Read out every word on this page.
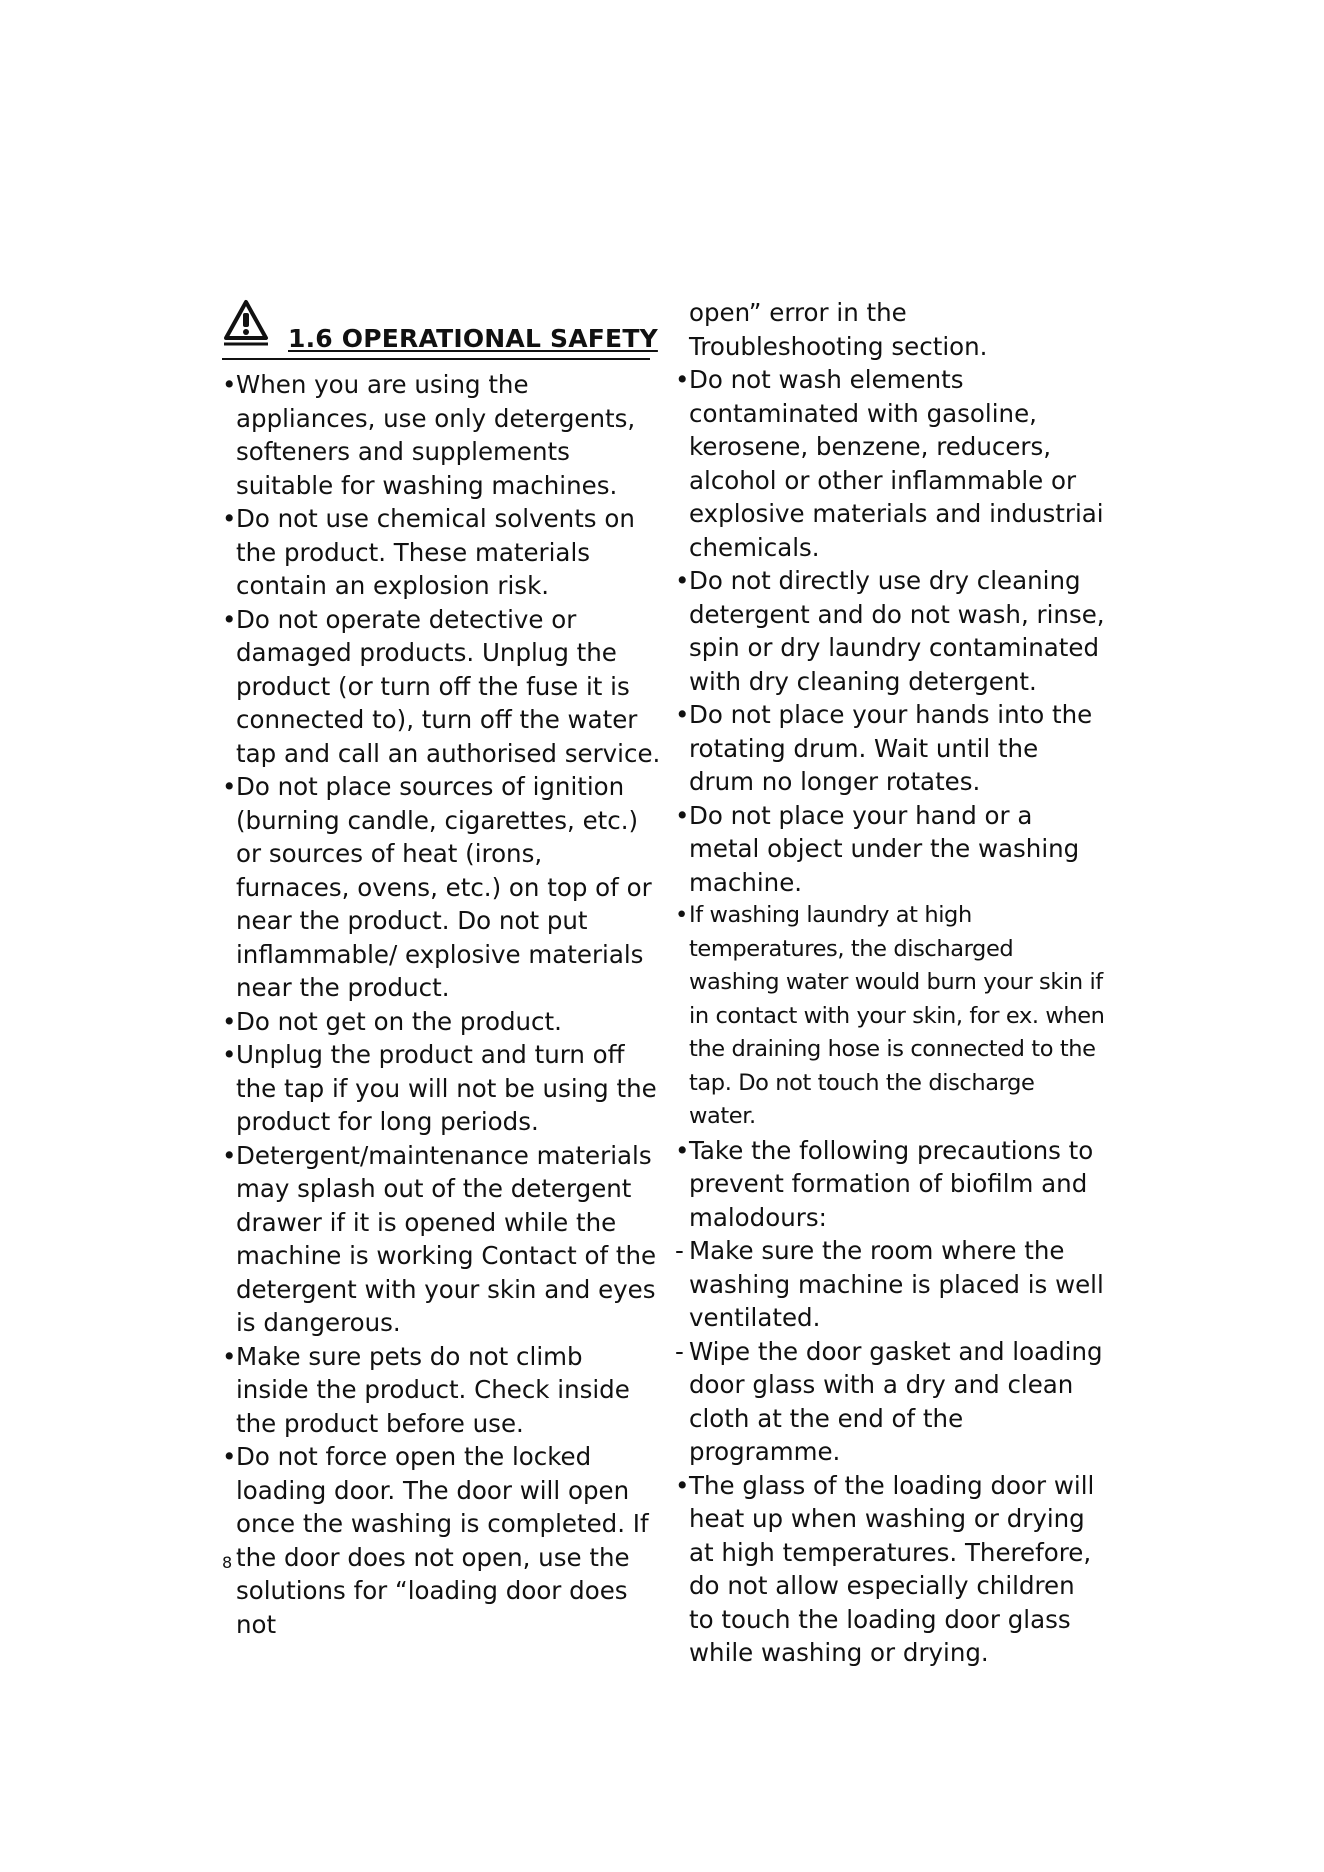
1.6 OPERATIONAL SAFETY

• When you are using the appliances, use only detergents, softeners and supplements suitable for washing machines.

• Do not use chemical solvents on the product. These materials contain an explosion risk.

• Do not operate detective or damaged products. Unplug the product (or turn off the fuse it is connected to), turn off the water tap and call an authorised service.

• Do not place sources of ignition (burning candle, cigarettes, etc.) or sources of heat (irons, furnaces, ovens, etc.) on top of or near the product. Do not put inflammable/ explosive materials near the product.

• Do not get on the product.

• Unplug the product and turn off the tap if you will not be using the product for long periods.

• Detergent/maintenance materials may splash out of the detergent drawer if it is opened while the machine is working Contact of the detergent with your skin and eyes is dangerous.

• Make sure pets do not climb inside the product. Check inside the product before use.

• Do not force open the locked loading door. The door will open once the washing is completed. If the door does not open, use the solutions for “loading door does not

open” error in the Troubleshooting section.

• Do not wash elements contaminated with gasoline, kerosene, benzene, reducers, alcohol or other inflammable or explosive materials and industriai chemicals.

• Do not directly use dry cleaning detergent and do not wash, rinse, spin or dry laundry contaminated with dry cleaning detergent.

• Do not place your hands into the rotating drum. Wait until the drum no longer rotates.

• Do not place your hand or a metal object under the washing machine.

• If washing laundry at high temperatures, the discharged washing water would burn your skin if in contact with your skin, for ex. when the draining hose is connected to the tap. Do not touch the discharge water.

• Take the following precautions to prevent formation of biofilm and malodours:

- Make sure the room where the washing machine is placed is well ventilated.

- Wipe the door gasket and loading door glass with a dry and clean cloth at the end of the programme.

• The glass of the loading door will heat up when washing or drying at high temperatures. Therefore, do not allow especially children to touch the loading door glass while washing or drying.

8
